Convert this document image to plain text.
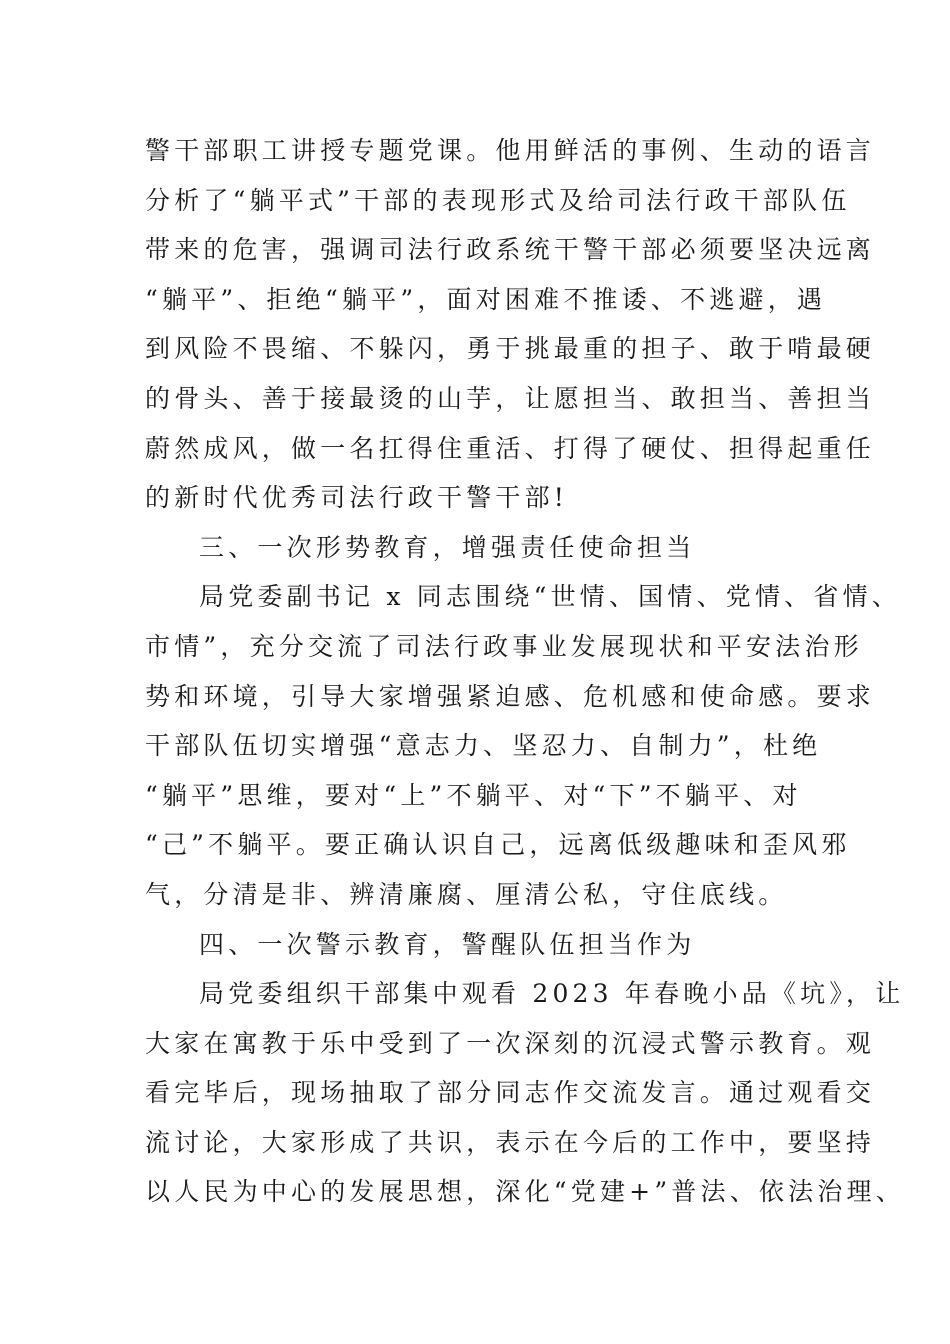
警干部职工讲授专题党课。他用鲜活的事例、生动的语言
分析了“躺平式”干部的表现形式及给司法行政干部队伍
带来的危害，强调司法行政系统干警干部必须要坚决远离
“躺平”、拒绝“躺平”，面对困难不推诿、不逃避，遇
到风险不畏缩、不躲闪，勇于挑最重的担子、敢于啃最硬
的骨头、善于接最烫的山芋，让愿担当、敢担当、善担当
蔚然成风，做一名扛得住重活、打得了硬仗、担得起重任
的新时代优秀司法行政干警干部!
三、一次形势教育，增强责任使命担当
局党委副书记 x 同志围绕“世情、国情、党情、省情、
市情”，充分交流了司法行政事业发展现状和平安法治形
势和环境，引导大家增强紧迫感、危机感和使命感。要求
干部队伍切实增强“意志力、坚忍力、自制力”，杜绝
“躺平”思维，要对“上”不躺平、对“下”不躺平、对
“己”不躺平。要正确认识自己，远离低级趣味和歪风邪
气，分清是非、辨清廉腐、厘清公私，守住底线。
四、一次警示教育，警醒队伍担当作为
局党委组织干部集中观看 2023 年春晚小品《坑》，让
大家在寓教于乐中受到了一次深刻的沉浸式警示教育。观
看完毕后，现场抽取了部分同志作交流发言。通过观看交
流讨论，大家形成了共识，表示在今后的工作中，要坚持
以人民为中心的发展思想，深化“党建+”普法、依法治理、
